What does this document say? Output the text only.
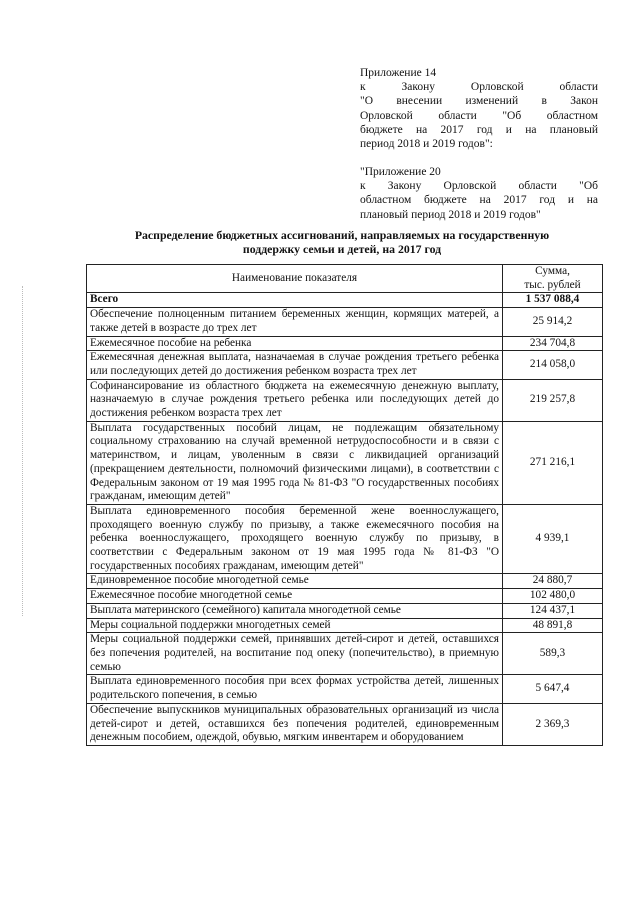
Приложение 14
к Закону Орловской области
"О внесении изменений в Закон
Орловской области "Об областном
бюджете на 2017 год и на плановый
период 2018 и 2019 годов":
"Приложение 20
к Закону Орловской области "Об
областном бюджете на 2017 год и на
плановый период 2018 и 2019 годов"
Распределение бюджетных ассигнований, направляемых на государственную
поддержку семьи и детей, на 2017 год
Наименование показателя	Сумма,
тыс. рублей

Всего	1 537 088,4
Обеспечение полноценным питанием беременных женщин, кормящих матерей, а также детей в возрасте до трех лет	25 914,2
Ежемесячное пособие на ребенка	234 704,8
Ежемесячная денежная выплата, назначаемая в случае рождения третьего ребенка или последующих детей до достижения ребенком возраста трех лет	214 058,0
Софинансирование из областного бюджета на ежемесячную денежную выплату, назначаемую в случае рождения третьего ребенка или последующих детей до достижения ребенком возраста трех лет	219 257,8
Выплата государственных пособий лицам, не подлежащим обязательному социальному страхованию на случай временной нетрудоспособности и в связи с материнством, и лицам, уволенным в связи с ликвидацией организаций (прекращением деятельности, полномочий физическими лицами), в соответствии с Федеральным законом от 19 мая 1995 года № 81-ФЗ "О государственных пособиях гражданам, имеющим детей"	271 216,1
Выплата единовременного пособия беременной жене военнослужащего, проходящего военную службу по призыву, а также ежемесячного пособия на ребенка военнослужащего, проходящего военную службу по призыву, в соответствии с Федеральным законом от 19 мая 1995 года № 81-ФЗ "О государственных пособиях гражданам, имеющим детей"	4 939,1
Единовременное пособие многодетной семье	24 880,7
Ежемесячное пособие многодетной семье	102 480,0
Выплата материнского (семейного) капитала многодетной семье	124 437,1
Меры социальной поддержки многодетных семей	48 891,8
Меры социальной поддержки семей, принявших детей-сирот и детей, оставшихся без попечения родителей, на воспитание под опеку (попечительство), в приемную семью	589,3
Выплата единовременного пособия при всех формах устройства детей, лишенных родительского попечения, в семью	5 647,4
Обеспечение выпускников муниципальных образовательных организаций из числа детей-сирот и детей, оставшихся без попечения родителей, единовременным денежным пособием, одеждой, обувью, мягким инвентарем и оборудованием	2 369,3
